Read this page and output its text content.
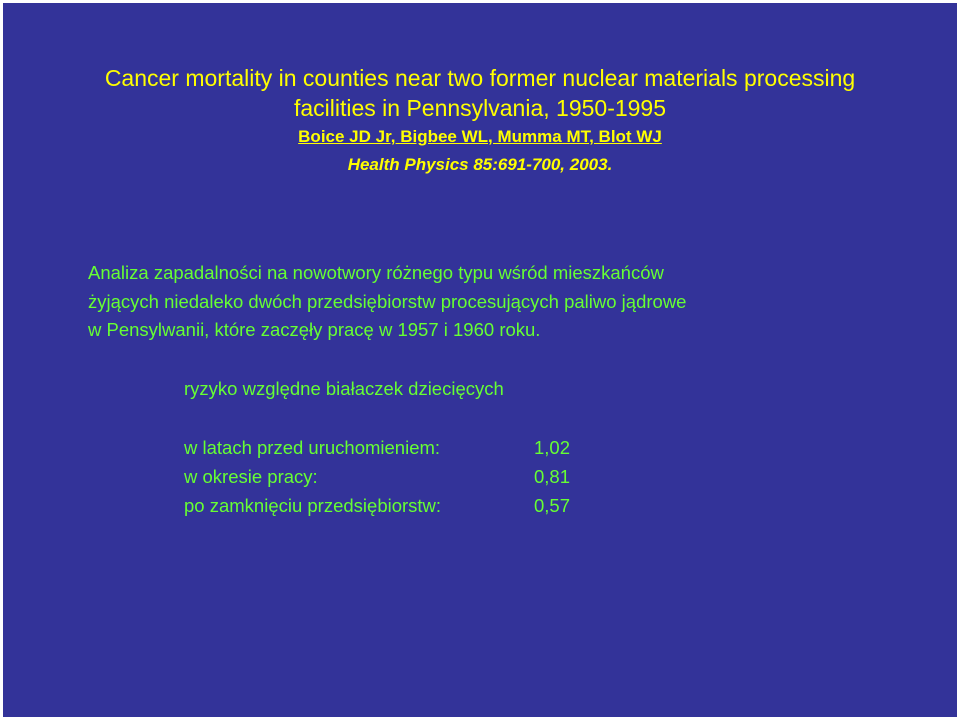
Cancer mortality in counties near two former nuclear materials processing
facilities in Pennsylvania, 1950-1995
Boice JD Jr, Bigbee WL, Mumma MT, Blot WJ
Health Physics 85:691-700, 2003.
Analiza zapadalności na nowotwory różnego typu wśród mieszkańców
żyjących niedaleko dwóch przedsiębiorstw procesujących paliwo jądrowe
w Pensylwanii, które zaczęły pracę w 1957 i 1960 roku.
ryzyko względne białaczek dziecięcych
w latach przed uruchomieniem:	1,02
w okresie pracy:	0,81
po zamknięciu przedsiębiorstw:	0,57
